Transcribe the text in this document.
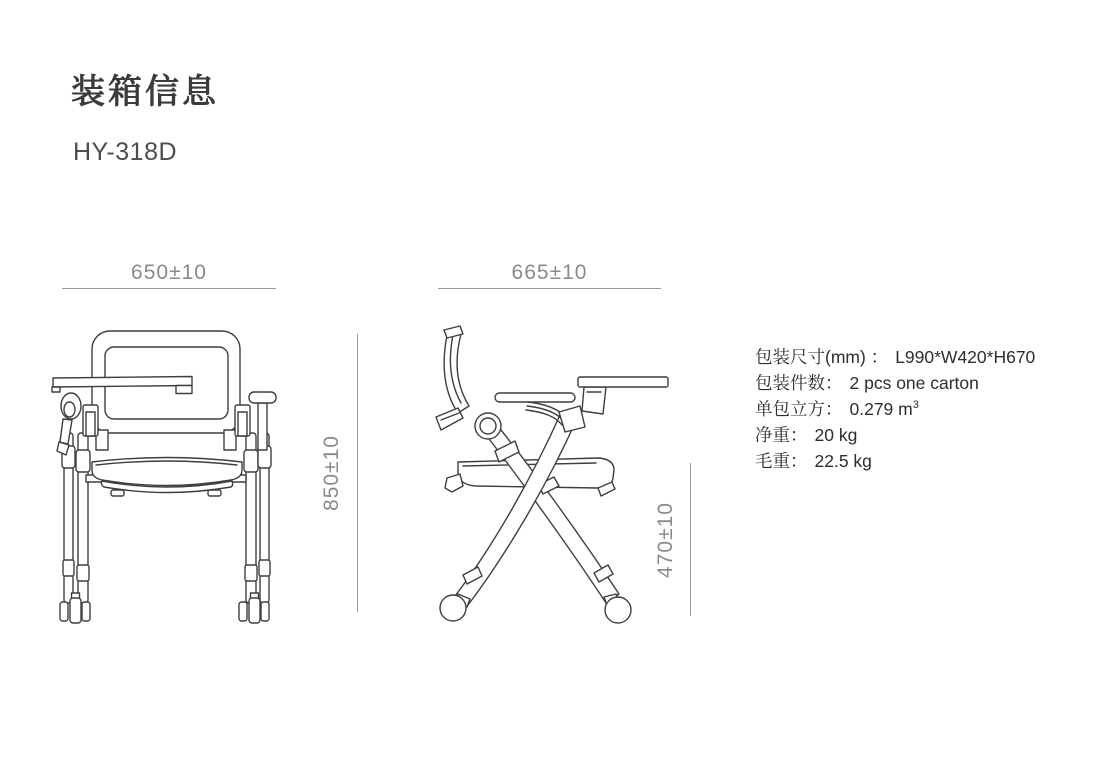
装箱信息
HY-318D
650±10	665±10
850±10
470±10
包装尺寸(mm) ： L990*W420*H670
包装件数： 2 pcs one carton
单包立方： 0.279 $m^3$
净重： 20 kg
毛重： 22.5 kg
